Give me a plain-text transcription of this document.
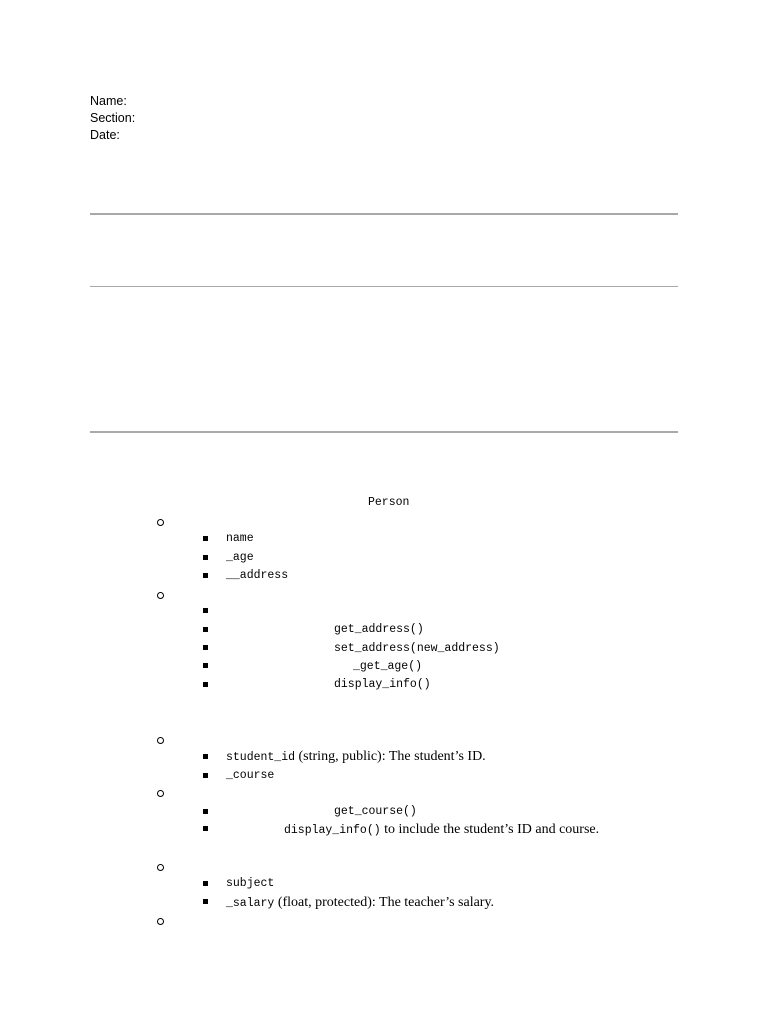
Name:
Section:
Date:
Person
name
_age
__address
get_address()
set_address(new_address)
_get_age()
display_info()
student_id (string, public): The student’s ID.
_course
get_course()
display_info() to include the student’s ID and course.
subject
_salary (float, protected): The teacher’s salary.
